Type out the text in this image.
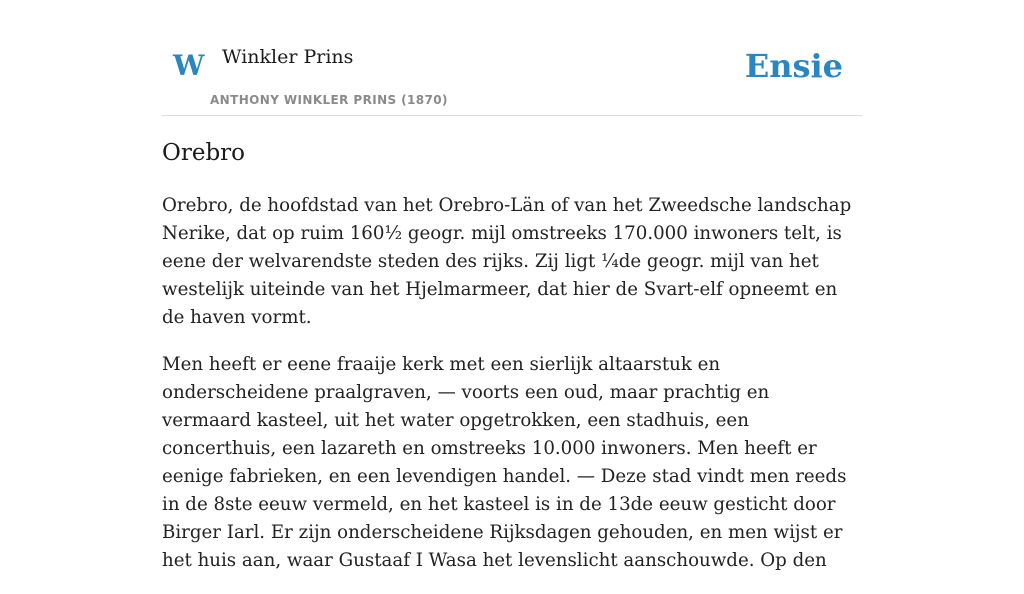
W Winkler Prins
ANTHONY WINKLER PRINS (1870)
Ensie
Orebro

Orebro, de hoofdstad van het Orebro-Län of van het Zweedsche landschap Nerike, dat op ruim 160½ geogr. mijl omstreeks 170.000 inwoners telt, is eene der welvarendste steden des rijks. Zij ligt ¼de geogr. mijl van het westelijk uiteinde van het Hjelmarmeer, dat hier de Svart-elf opneemt en de haven vormt.

Men heeft er eene fraaije kerk met een sierlijk altaarstuk en onderscheidene praalgraven, — voorts een oud, maar prachtig en vermaard kasteel, uit het water opgetrokken, een stadhuis, een concerthuis, een lazareth en omstreeks 10.000 inwoners. Men heeft er eenige fabrieken, en een levendigen handel. — Deze stad vindt men reeds in de 8ste eeuw vermeld, en het kasteel is in de 13de eeuw gesticht door Birger Iarl. Er zijn onderscheidene Rijksdagen gehouden, en men wijst er het huis aan, waar Gustaaf I Wasa het levenslicht aanschouwde. Op den
